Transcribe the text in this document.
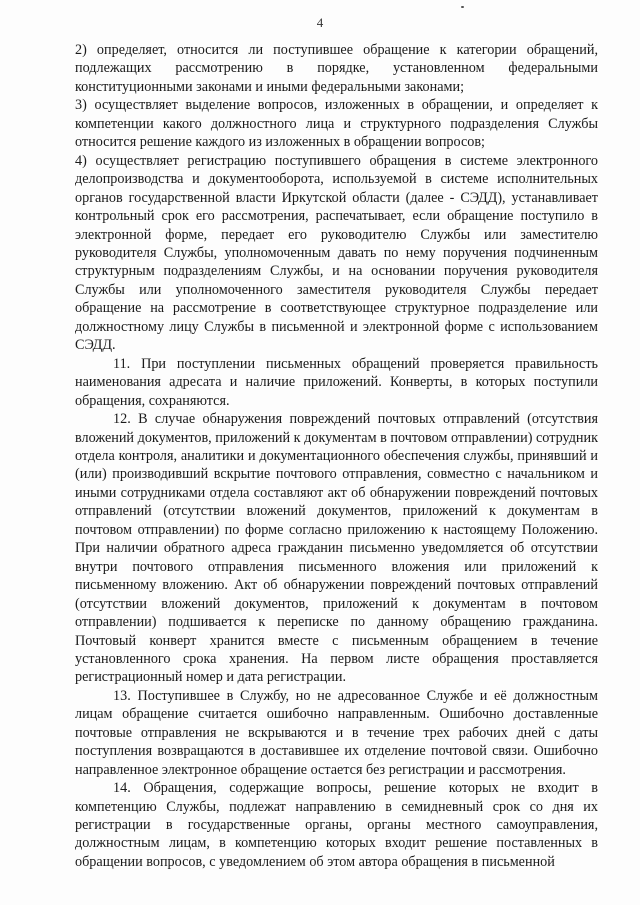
4

2) определяет, относится ли поступившее обращение к категории обращений, подлежащих рассмотрению в порядке, установленном федеральными конституционными законами и иными федеральными законами;

3) осуществляет выделение вопросов, изложенных в обращении, и определяет к компетенции какого должностного лица и структурного подразделения Службы относится решение каждого из изложенных в обращении вопросов;

4) осуществляет регистрацию поступившего обращения в системе электронного делопроизводства и документооборота, используемой в системе исполнительных органов государственной власти Иркутской области (далее - СЭДД), устанавливает контрольный срок его рассмотрения, распечатывает, если обращение поступило в электронной форме, передает его руководителю Службы или заместителю руководителя Службы, уполномоченным давать по нему поручения подчиненным структурным подразделениям Службы, и на основании поручения руководителя Службы или уполномоченного заместителя руководителя Службы передает обращение на рассмотрение в соответствующее структурное подразделение или должностному лицу Службы в письменной и электронной форме с использованием СЭДД.

11. При поступлении письменных обращений проверяется правильность наименования адресата и наличие приложений. Конверты, в которых поступили обращения, сохраняются.

12. В случае обнаружения повреждений почтовых отправлений (отсутствия вложений документов, приложений к документам в почтовом отправлении) сотрудник отдела контроля, аналитики и документационного обеспечения службы, принявший и (или) производивший вскрытие почтового отправления, совместно с начальником и иными сотрудниками отдела составляют акт об обнаружении повреждений почтовых отправлений (отсутствии вложений документов, приложений к документам в почтовом отправлении) по форме согласно приложению к настоящему Положению. При наличии обратного адреса гражданин письменно уведомляется об отсутствии внутри почтового отправления письменного вложения или приложений к письменному вложению. Акт об обнаружении повреждений почтовых отправлений (отсутствии вложений документов, приложений к документам в почтовом отправлении) подшивается к переписке по данному обращению гражданина. Почтовый конверт хранится вместе с письменным обращением в течение установленного срока хранения. На первом листе обращения проставляется регистрационный номер и дата регистрации.

13. Поступившее в Службу, но не адресованное Службе и её должностным лицам обращение считается ошибочно направленным. Ошибочно доставленные почтовые отправления не вскрываются и в течение трех рабочих дней с даты поступления возвращаются в доставившее их отделение почтовой связи. Ошибочно направленное электронное обращение остается без регистрации и рассмотрения.

14. Обращения, содержащие вопросы, решение которых не входит в компетенцию Службы, подлежат направлению в семидневный срок со дня их регистрации в государственные органы, органы местного самоуправления, должностным лицам, в компетенцию которых входит решение поставленных в обращении вопросов, с уведомлением об этом автора обращения в письменной
